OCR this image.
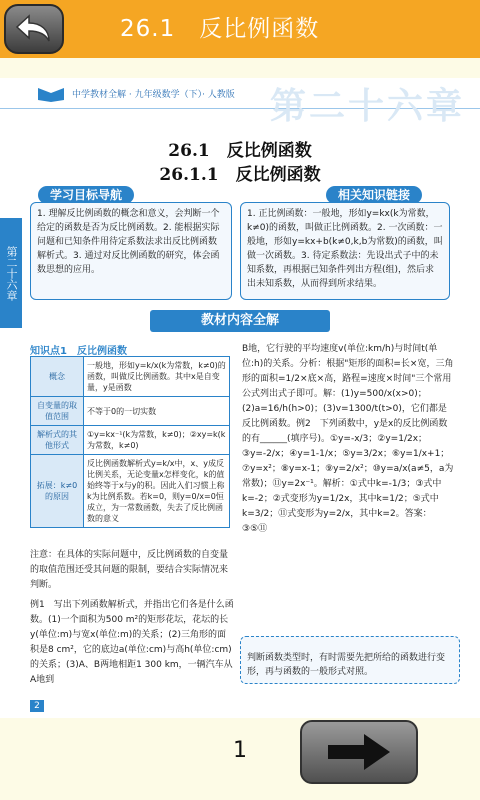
26.1　反比例函数
中学教材全解 · 九年级数学（下）· 人教版 第二十六章
第二十六章
26.1　反比例函数
26.1.1　反比例函数
学习目标导航	相关知识链接
1. 理解反比例函数的概念和意义，会判断一个给定的函数是否为反比例函数。2. 能根据实际问题和已知条件用待定系数法求出反比例函数解析式。3. 通过对反比例函数的研究，体会函数思想的应用。
1. 正比例函数：一般地，形如y=kx(k为常数，k≠0)的函数，叫做正比例函数。2. 一次函数：一般地，形如y=kx+b(k≠0,k,b为常数)的函数，叫做一次函数。3. 待定系数法：先设出式子中的未知系数，再根据已知条件列出方程(组)，然后求出未知系数，从而得到所求结果。
教材内容全解
知识点1　反比例函数
概念	一般地，形如y=k/x(k为常数，k≠0)的函数，叫做反比例函数。其中x是自变量，y是函数
自变量的取值范围	不等于0的一切实数
解析式的其他形式	①y=kx⁻¹(k为常数，k≠0)；②xy=k(k为常数，k≠0)
拓展：k≠0的原因	反比例函数解析式y=k/x中，x、y成反比例关系，无论变量x怎样变化，k的值始终等于x与y的积。因此入们习惯上称k为比例系数。若k=0，则y=0/x=0恒成立，为一常数函数，失去了反比例函数的意义
注意：在具体的实际问题中，反比例函数的自变量的取值范围还受其问题的限制，要结合实际情况来判断。
例1　写出下列函数解析式，并指出它们各是什么函数。(1)一个面积为500 m²的矩形花坛，花坛的长y(单位:m)与宽x(单位:m)的关系；(2)三角形的面积是8 cm²，它的底边a(单位:cm)与高h(单位:cm)的关系；(3)A、B两地相距1 300 km，一辆汽车从A地到
B地，它行驶的平均速度v(单位:km/h)与时间t(单位:h)的关系。分析：根据"矩形的面积=长×宽，三角形的面积=1/2×底×高，路程=速度×时间"三个常用公式列出式子即可。解：(1)y=500/x(x>0)；(2)a=16/h(h>0)；(3)v=1300/t(t>0)，它们都是反比例函数。例2　下列函数中，y是x的反比例函数的有______(填序号)。①y=-x/3；②y=1/2x；③y=-2/x；④y=1-1/x；⑤y=3/2x；⑥y=1/x+1；⑦y=x²；⑧y=x-1；⑨y=2/x²；⑩y=a/x(a≠5，a为常数)；⑪y=2x⁻¹。解析：①式中k=-1/3；③式中k=-2；②式变形为y=1/2x，其中k=1/2；⑤式中k=3/2；⑪式变形为y=2/x，其中k=2。答案：③⑤⑪
判断函数类型时，有时需要先把所给的函数进行变形，再与函数的一般形式对照。
2
1
